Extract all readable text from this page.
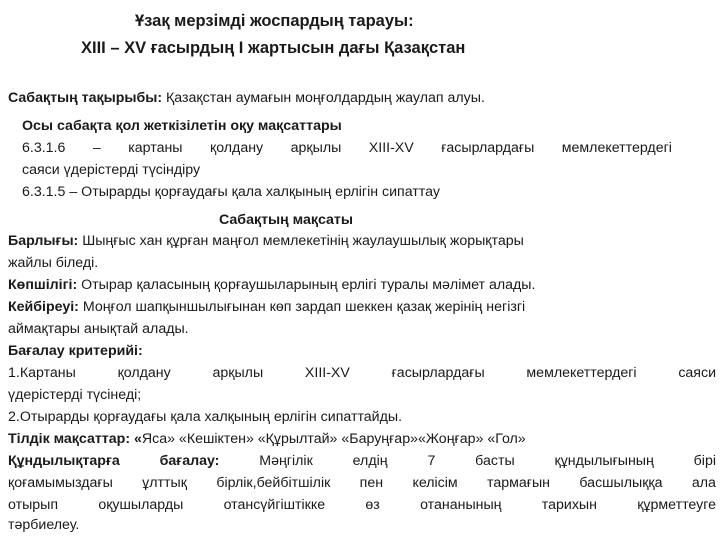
Ұзақ мерзімді жоспардың тарауы:
XIII – XV ғасырдың I жартысын дағы Қазақстан
Сабақтың тақырыбы: Қазақстан аумағын моңғолдардың жаулап алуы.
Осы сабақта қол жеткізілетін оқу мақсаттары
6.3.1.6 – картаны қолдану арқылы XIII-XV ғасырлардағы мемлекеттердегі
саяси үдерістерді түсіндіру
6.3.1.5 – Отырарды қорғаудағы қала халқының ерлігін сипаттау
Сабақтың мақсаты
Барлығы: Шыңғыс хан құрған маңғол мемлекетінің жаулаушылық жорықтары
жайлы біледі.
Көпшілігі: Отырар қаласының қорғаушыларының ерлігі туралы мәлімет алады.
Кейбіреуі: Моңғол шапқыншылығынан көп зардап шеккен қазақ жерінің негізгі
аймақтары анықтай алады.
Бағалау критерийі:
1.Картаны	қолдану	арқылы	XIII-XV	ғасырлардағы	мемлекеттердегі	саяси
үдерістерді түсінеді;
2.Отырарды қорғаудағы қала халқының ерлігін сипаттайды.
Тілдік мақсаттар: «Яса» «Кешіктен» «Құрылтай» «Баруңғар»«Жоңғар» «Гол»
Құндылықтарға	бағалау:	Мәңгілік	елдің	7	басты	құндылығының	бірі
қоғамымыздағы ұлттық бірлік,бейбітшілік пен келісім тармағын басшылыққа ала
отырып	оқушыларды	отансүйгіштікке	өз	отананының	тарихын	құрметтеуге
тәрбиелеу.
